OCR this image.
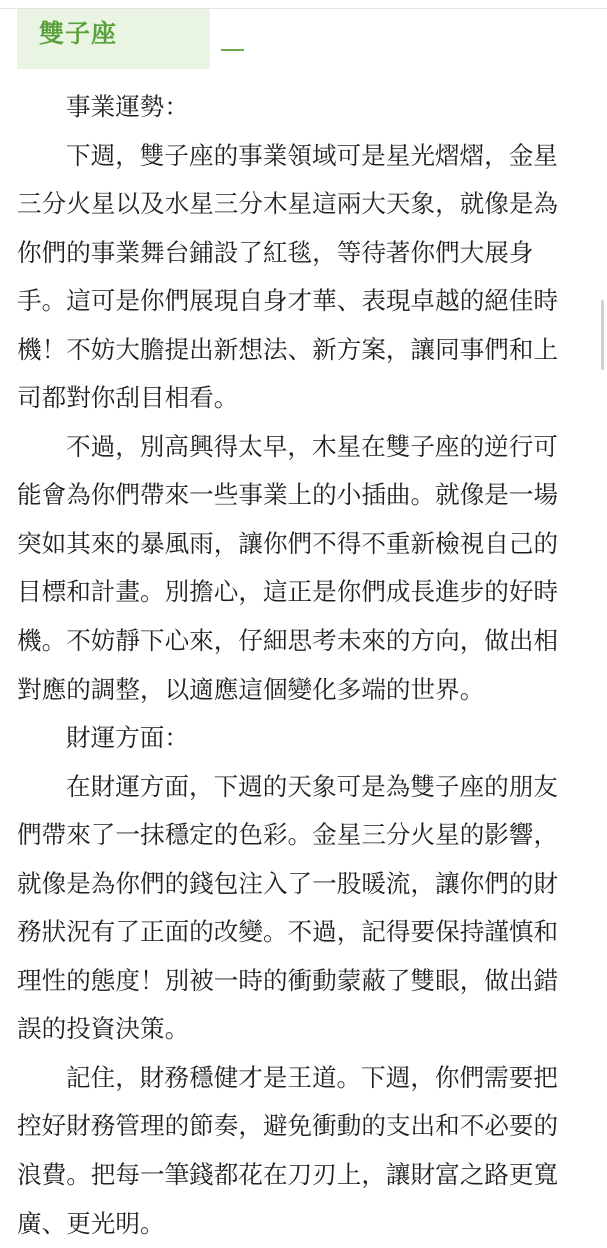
雙子座
事業運勢：
下週，雙子座的事業領域可是星光熠熠，金星
三分火星以及水星三分木星這兩大天象，就像是為
你們的事業舞台鋪設了紅毯，等待著你們大展身
手。這可是你們展現自身才華、表現卓越的絕佳時
機！不妨大膽提出新想法、新方案，讓同事們和上
司都對你刮目相看。
不過，別高興得太早，木星在雙子座的逆行可
能會為你們帶來一些事業上的小插曲。就像是一場
突如其來的暴風雨，讓你們不得不重新檢視自己的
目標和計畫。別擔心，這正是你們成長進步的好時
機。不妨靜下心來，仔細思考未來的方向，做出相
對應的調整，以適應這個變化多端的世界。
財運方面：
在財運方面，下週的天象可是為雙子座的朋友
們帶來了一抹穩定的色彩。金星三分火星的影響，
就像是為你們的錢包注入了一股暖流，讓你們的財
務狀況有了正面的改變。不過，記得要保持謹慎和
理性的態度！別被一時的衝動蒙蔽了雙眼，做出錯
誤的投資決策。
記住，財務穩健才是王道。下週，你們需要把
控好財務管理的節奏，避免衝動的支出和不必要的
浪費。把每一筆錢都花在刀刃上，讓財富之路更寬
廣、更光明。
